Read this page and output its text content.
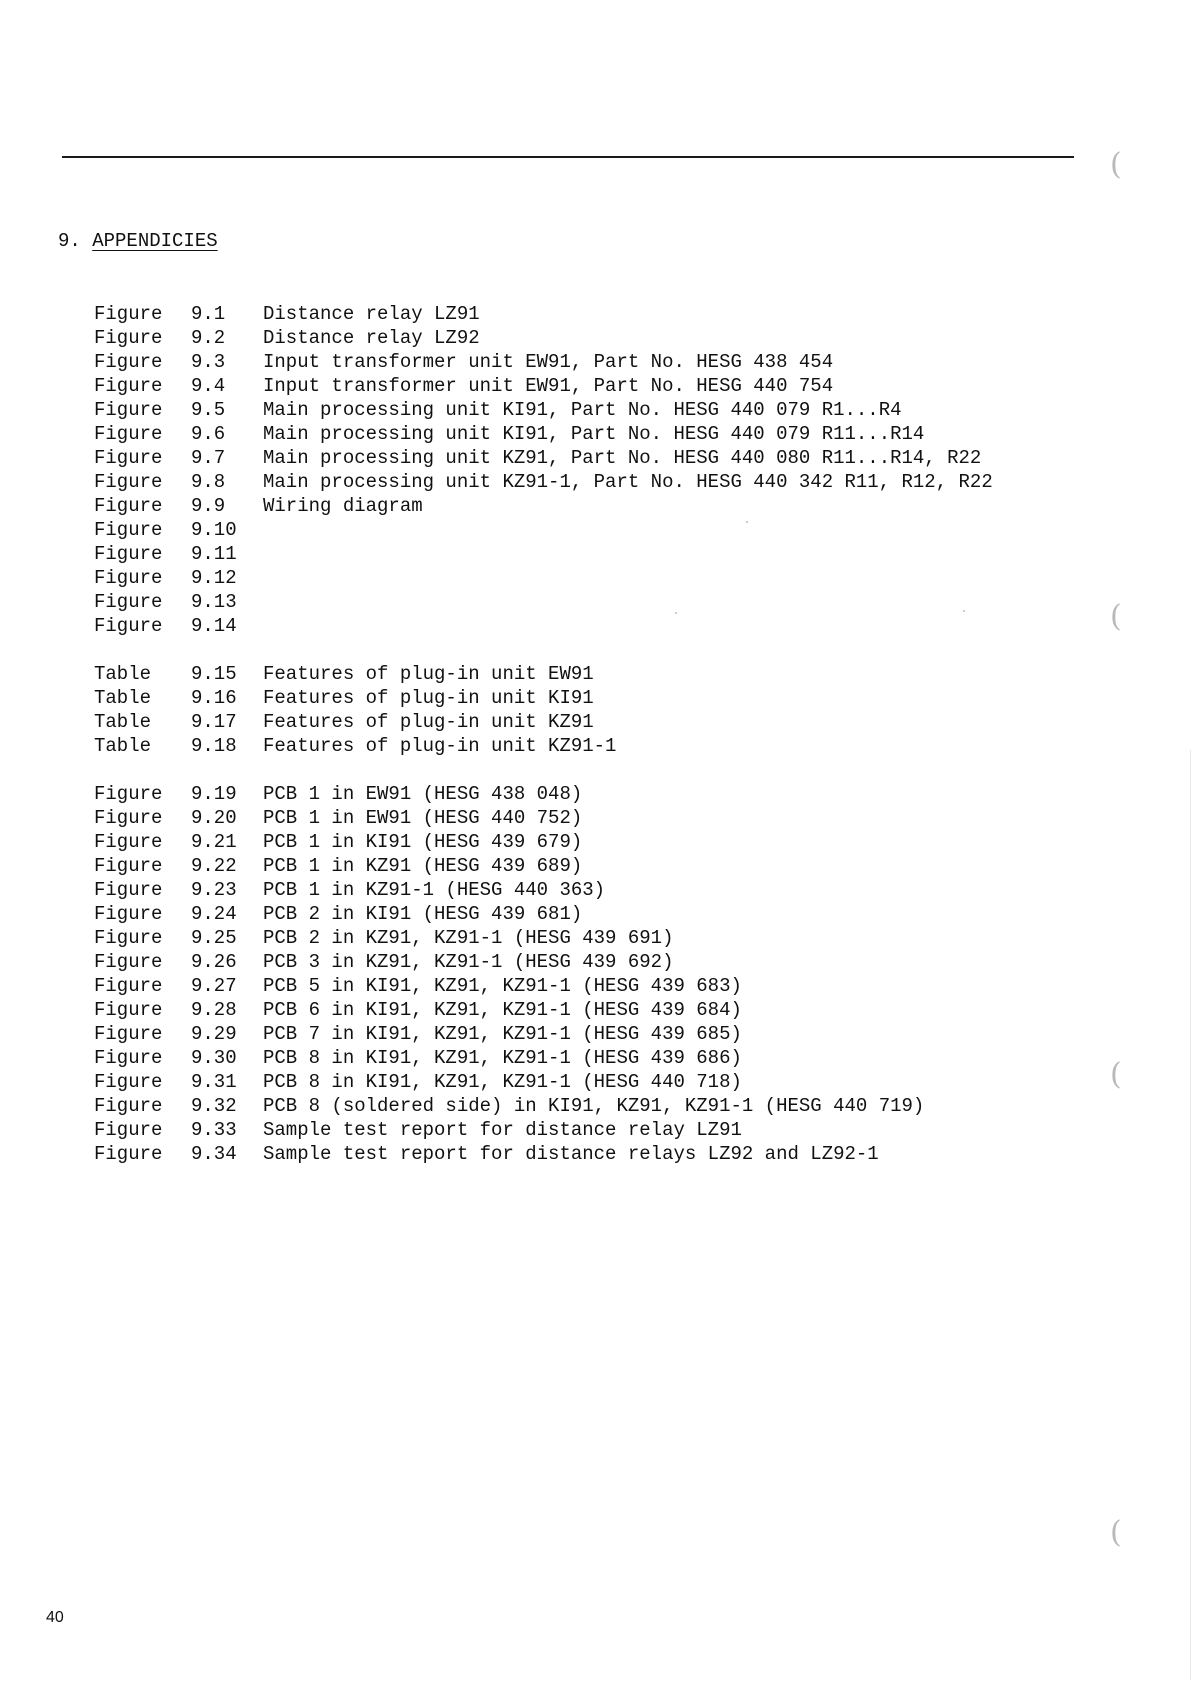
(
(
(
(
9. APPENDICIES
Figure	9.1	Distance relay LZ91
Figure	9.2	Distance relay LZ92
Figure	9.3	Input transformer unit EW91, Part No. HESG 438 454
Figure	9.4	Input transformer unit EW91, Part No. HESG 440 754
Figure	9.5	Main processing unit KI91, Part No. HESG 440 079 R1...R4
Figure	9.6	Main processing unit KI91, Part No. HESG 440 079 R11...R14
Figure	9.7	Main processing unit KZ91, Part No. HESG 440 080 R11...R14, R22
Figure	9.8	Main processing unit KZ91-1, Part No. HESG 440 342 R11, R12, R22
Figure	9.9	Wiring diagram
Figure	9.10
Figure	9.11
Figure	9.12
Figure	9.13
Figure	9.14
Table	9.15	Features of plug-in unit EW91
Table	9.16	Features of plug-in unit KI91
Table	9.17	Features of plug-in unit KZ91
Table	9.18	Features of plug-in unit KZ91-1
Figure	9.19	PCB 1 in EW91 (HESG 438 048)
Figure	9.20	PCB 1 in EW91 (HESG 440 752)
Figure	9.21	PCB 1 in KI91 (HESG 439 679)
Figure	9.22	PCB 1 in KZ91 (HESG 439 689)
Figure	9.23	PCB 1 in KZ91-1 (HESG 440 363)
Figure	9.24	PCB 2 in KI91 (HESG 439 681)
Figure	9.25	PCB 2 in KZ91, KZ91-1 (HESG 439 691)
Figure	9.26	PCB 3 in KZ91, KZ91-1 (HESG 439 692)
Figure	9.27	PCB 5 in KI91, KZ91, KZ91-1 (HESG 439 683)
Figure	9.28	PCB 6 in KI91, KZ91, KZ91-1 (HESG 439 684)
Figure	9.29	PCB 7 in KI91, KZ91, KZ91-1 (HESG 439 685)
Figure	9.30	PCB 8 in KI91, KZ91, KZ91-1 (HESG 439 686)
Figure	9.31	PCB 8 in KI91, KZ91, KZ91-1 (HESG 440 718)
Figure	9.32	PCB 8 (soldered side) in KI91, KZ91, KZ91-1 (HESG 440 719)
Figure	9.33	Sample test report for distance relay LZ91
Figure	9.34	Sample test report for distance relays LZ92 and LZ92-1
40
